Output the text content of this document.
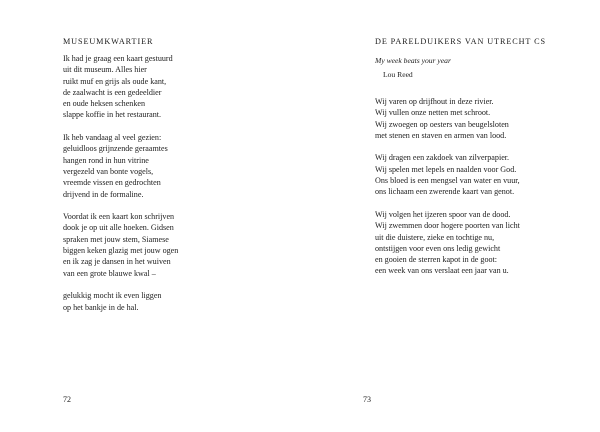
MUSEUMKWARTIER
Ik had je graag een kaart gestuurd
uit dit museum. Alles hier
ruikt muf en grijs als oude kant,
de zaalwacht is een gedeeldier
en oude heksen schenken
slappe koffie in het restaurant.
Ik heb vandaag al veel gezien:
geluidloos grijnzende geraamtes
hangen rond in hun vitrine
vergezeld van bonte vogels,
vreemde vissen en gedrochten
drijvend in de formaline.
Voordat ik een kaart kon schrijven
dook je op uit alle hoeken. Gidsen
spraken met jouw stem, Siamese
biggen keken glazig met jouw ogen
en ik zag je dansen in het wuiven
van een grote blauwe kwal –
gelukkig mocht ik even liggen
op het bankje in de hal.
72
DE PARELDUIKERS VAN UTRECHT CS
My week beats your year
Lou Reed
Wij varen op drijfhout in deze rivier.
Wij vullen onze netten met schroot.
Wij zwoegen op oesters van beugelsloten
met stenen en staven en armen van lood.
Wij dragen een zakdoek van zilverpapier.
Wij spelen met lepels en naalden voor God.
Ons bloed is een mengsel van water en vuur,
ons lichaam een zwerende kaart van genot.
Wij volgen het ijzeren spoor van de dood.
Wij zwemmen door hogere poorten van licht
uit die duistere, zieke en tochtige nu,
ontstijgen voor even ons ledig gewicht
en gooien de sterren kapot in de goot:
een week van ons verslaat een jaar van u.
73
